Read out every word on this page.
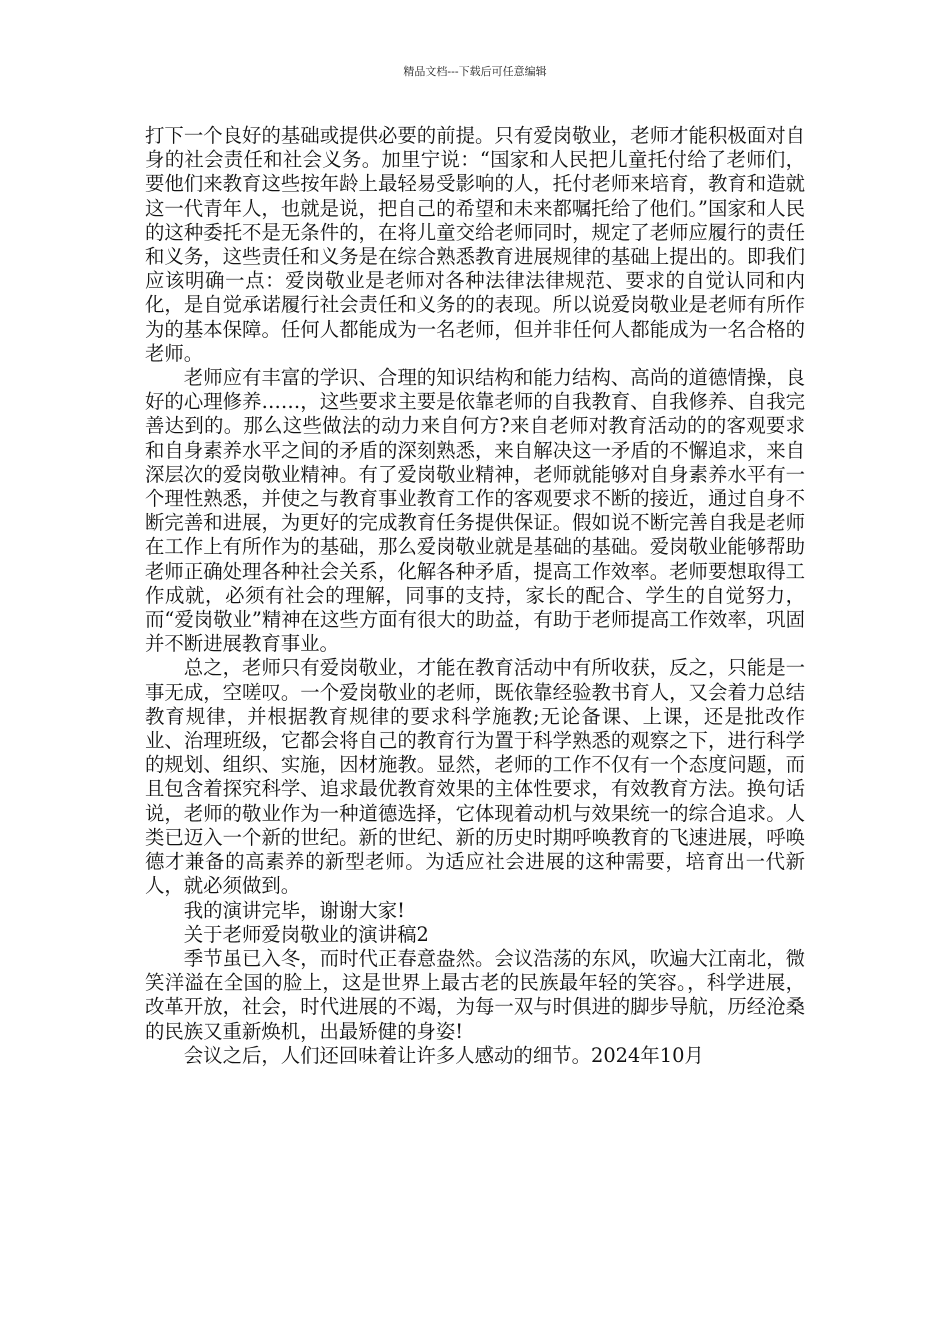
精品文档---下载后可任意编辑

打下一个良好的基础或提供必要的前提。只有爱岗敬业，老师才能积极面对自身的社会责任和社会义务。加里宁说：“国家和人民把儿童托付给了老师们，要他们来教育这些按年龄上最轻易受影响的人，托付老师来培育，教育和造就这一代青年人，也就是说，把自己的希望和未来都嘱托给了他们。”国家和人民的这种委托不是无条件的，在将儿童交给老师同时，规定了老师应履行的责任和义务，这些责任和义务是在综合熟悉教育进展规律的基础上提出的。即我们应该明确一点：爱岗敬业是老师对各种法律法律规范、要求的自觉认同和内化，是自觉承诺履行社会责任和义务的的表现。所以说爱岗敬业是老师有所作为的基本保障。任何人都能成为一名老师，但并非任何人都能成为一名合格的老师。

老师应有丰富的学识、合理的知识结构和能力结构、高尚的道德情操，良好的心理修养……，这些要求主要是依靠老师的自我教育、自我修养、自我完善达到的。那么这些做法的动力来自何方?来自老师对教育活动的的客观要求和自身素养水平之间的矛盾的深刻熟悉，来自解决这一矛盾的不懈追求，来自深层次的爱岗敬业精神。有了爱岗敬业精神，老师就能够对自身素养水平有一个理性熟悉，并使之与教育事业教育工作的客观要求不断的接近，通过自身不断完善和进展，为更好的完成教育任务提供保证。假如说不断完善自我是老师在工作上有所作为的基础，那么爱岗敬业就是基础的基础。爱岗敬业能够帮助老师正确处理各种社会关系，化解各种矛盾，提高工作效率。老师要想取得工作成就，必须有社会的理解，同事的支持，家长的配合、学生的自觉努力，而“爱岗敬业”精神在这些方面有很大的助益，有助于老师提高工作效率，巩固并不断进展教育事业。

总之，老师只有爱岗敬业，才能在教育活动中有所收获，反之，只能是一事无成，空嗟叹。一个爱岗敬业的老师，既依靠经验教书育人，又会着力总结教育规律，并根据教育规律的要求科学施教;无论备课、上课，还是批改作业、治理班级，它都会将自己的教育行为置于科学熟悉的观察之下，进行科学的规划、组织、实施，因材施教。显然，老师的工作不仅有一个态度问题，而且包含着探究科学、追求最优教育效果的主体性要求，有效教育方法。换句话说，老师的敬业作为一种道德选择，它体现着动机与效果统一的综合追求。人类已迈入一个新的世纪。新的世纪、新的历史时期呼唤教育的飞速进展，呼唤德才兼备的高素养的新型老师。为适应社会进展的这种需要，培育出一代新人，就必须做到。

我的演讲完毕，谢谢大家!

关于老师爱岗敬业的演讲稿2

季节虽已入冬，而时代正春意盎然。会议浩荡的东风，吹遍大江南北，微笑洋溢在全国的脸上，这是世界上最古老的民族最年轻的笑容。，科学进展，改革开放，社会，时代进展的不竭，为每一双与时俱进的脚步导航，历经沧桑的民族又重新焕机，出最矫健的身姿!

会议之后，人们还回味着让许多人感动的细节。2024年10月
